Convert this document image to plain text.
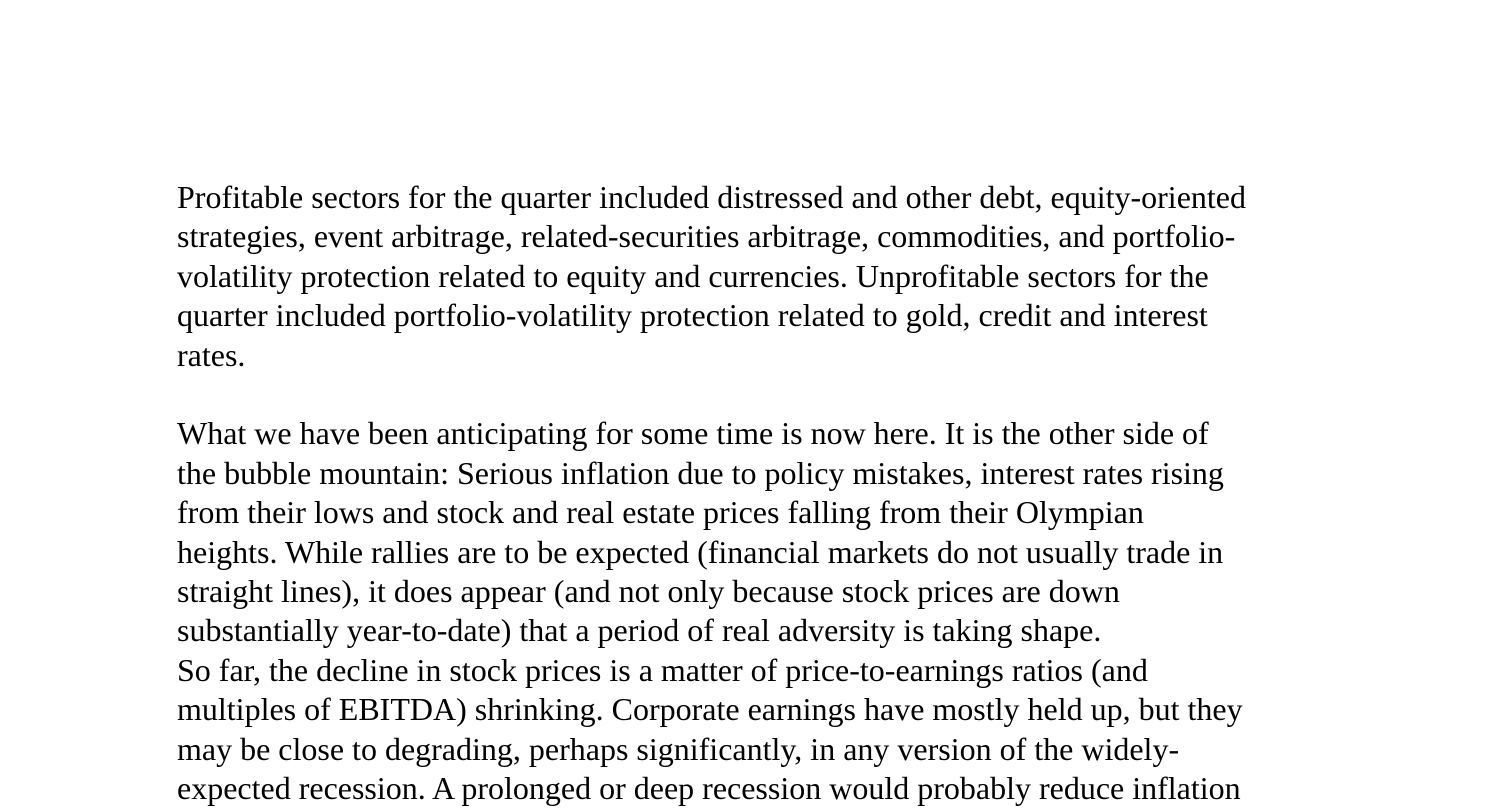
Profitable sectors for the quarter included distressed and other debt, equity-oriented
strategies, event arbitrage, related-securities arbitrage, commodities, and portfolio-
volatility protection related to equity and currencies. Unprofitable sectors for the
quarter included portfolio-volatility protection related to gold, credit and interest
rates.
What we have been anticipating for some time is now here. It is the other side of
the bubble mountain: Serious inflation due to policy mistakes, interest rates rising
from their lows and stock and real estate prices falling from their Olympian
heights. While rallies are to be expected (financial markets do not usually trade in
straight lines), it does appear (and not only because stock prices are down
substantially year-to-date) that a period of real adversity is taking shape.
So far, the decline in stock prices is a matter of price-to-earnings ratios (and
multiples of EBITDA) shrinking. Corporate earnings have mostly held up, but they
may be close to degrading, perhaps significantly, in any version of the widely-
expected recession. A prolonged or deep recession would probably reduce inflation
